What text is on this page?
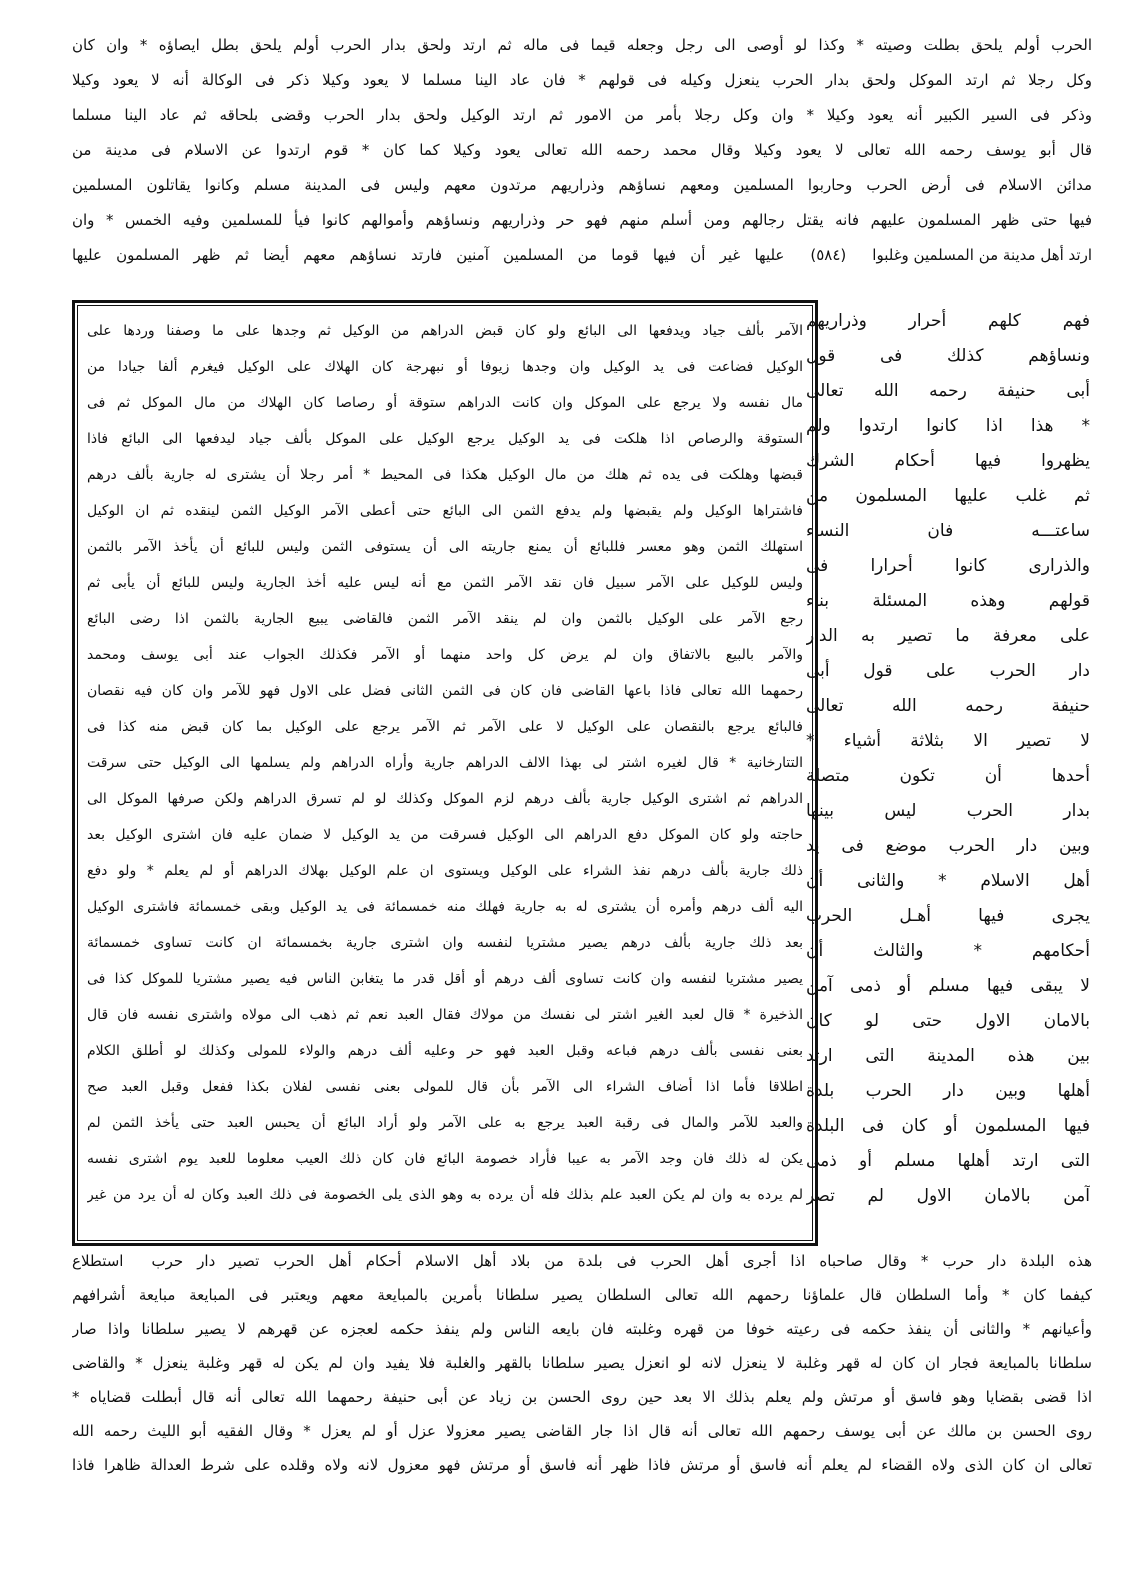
الحرب أولم يلحق بطلت وصيته * وكذا لو أوصى الى رجل وجعله قيما فى ماله ثم ارتد ولحق بدار الحرب أولم يلحق بطل ايصاؤه * وان كان
وكل رجلا ثم ارتد الموكل ولحق بدار الحرب ينعزل وكيله فى قولهم * فان عاد الينا مسلما لا يعود وكيلا ذكر فى الوكالة أنه لا يعود وكيلا
وذكر فى السير الكبير أنه يعود وكيلا * وان وكل رجلا بأمر من الامور ثم ارتد الوكيل ولحق بدار الحرب وقضى بلحاقه ثم عاد الينا مسلما
قال أبو يوسف رحمه الله تعالى لا يعود وكيلا وقال محمد رحمه الله تعالى يعود وكيلا كما كان * قوم ارتدوا عن الاسلام فى مدينة من
مدائن الاسلام فى أرض الحرب وحاربوا المسلمين ومعهم نساؤهم وذراريهم مرتدون معهم وليس فى المدينة مسلم وكانوا يقاتلون المسلمين
فيها حتى ظهر المسلمون عليهم فانه يقتل رجالهم ومن أسلم منهم فهو حر وذراريهم ونساؤهم وأموالهم كانوا فيأ للمسلمين وفيه الخمس * وان
ارتد أهل مدينة من المسلمين وغلبوا
(٥٨٤)
عليها غير أن فيها قوما من المسلمين آمنين فارتد نساؤهم معهم أيضا ثم ظهر المسلمون عليها
الآمر بألف جياد ويدفعها الى البائع ولو كان قبض الدراهم من الوكيل ثم وجدها على ما وصفنا وردها على
الوكيل فضاعت فى يد الوكيل وان وجدها زيوفا أو نبهرجة كان الهلاك على الوكيل فيغرم ألفا جيادا من
مال نفسه ولا يرجع على الموكل وان كانت الدراهم ستوقة أو رصاصا كان الهلاك من مال الموكل ثم فى
الستوقة والرصاص اذا هلكت فى يد الوكيل يرجع الوكيل على الموكل بألف جياد ليدفعها الى البائع فاذا
قبضها وهلكت فى يده ثم هلك من مال الوكيل هكذا فى المحيط * أمر رجلا أن يشترى له جارية بألف درهم
فاشتراها الوكيل ولم يقبضها ولم يدفع الثمن الى البائع حتى أعطى الآمر الوكيل الثمن لينقده ثم ان الوكيل
استهلك الثمن وهو معسر فللبائع أن يمنع جاريته الى أن يستوفى الثمن وليس للبائع أن يأخذ الآمر بالثمن
وليس للوكيل على الآمر سبيل فان نقد الآمر الثمن مع أنه ليس عليه أخذ الجارية وليس للبائع أن يأبى ثم
رجع الآمر على الوكيل بالثمن وان لم ينقد الآمر الثمن فالقاضى يبيع الجارية بالثمن اذا رضى البائع
والآمر بالبيع بالاتفاق وان لم يرض كل واحد منهما أو الآمر فكذلك الجواب عند أبى يوسف ومحمد
رحمهما الله تعالى فاذا باعها القاضى فان كان فى الثمن الثانى فضل على الاول فهو للآمر وان كان فيه نقصان
فالبائع يرجع بالنقصان على الوكيل لا على الآمر ثم الآمر يرجع على الوكيل بما كان قبض منه كذا فى
التتارخانية * قال لغيره اشتر لى بهذا الالف الدراهم جارية وأراه الدراهم ولم يسلمها الى الوكيل حتى سرقت
الدراهم ثم اشترى الوكيل جارية بألف درهم لزم الموكل وكذلك لو لم تسرق الدراهم ولكن صرفها الموكل الى
حاجته ولو كان الموكل دفع الدراهم الى الوكيل فسرقت من يد الوكيل لا ضمان عليه فان اشترى الوكيل بعد
ذلك جارية بألف درهم نفذ الشراء على الوكيل ويستوى ان علم الوكيل بهلاك الدراهم أو لم يعلم * ولو دفع
اليه ألف درهم وأمره أن يشترى له به جارية فهلك منه خمسمائة فى يد الوكيل وبقى خمسمائة فاشترى الوكيل
بعد ذلك جارية بألف درهم يصير مشتريا لنفسه وان اشترى جارية بخمسمائة ان كانت تساوى خمسمائة
يصير مشتريا لنفسه وان كانت تساوى ألف درهم أو أقل قدر ما يتغابن الناس فيه يصير مشتريا للموكل كذا فى
الذخيرة * قال لعبد الغير اشتر لى نفسك من مولاك فقال العبد نعم ثم ذهب الى مولاه واشترى نفسه فان قال
بعنى نفسى بألف درهم فباعه وقبل العبد فهو حر وعليه ألف درهم والولاء للمولى وكذلك لو أطلق الكلام
اطلاقا فأما اذا أضاف الشراء الى الآمر بأن قال للمولى بعنى نفسى لفلان بكذا ففعل وقبل العبد صح
والعبد للآمر والمال فى رقبة العبد يرجع به على الآمر ولو أراد البائع أن يحبس العبد حتى يأخذ الثمن لم
يكن له ذلك فان وجد الآمر به عيبا فأراد خصومة البائع فان كان ذلك العيب معلوما للعبد يوم اشترى نفسه
لم يرده به وان لم يكن العبد علم بذلك فله أن يرده به وهو الذى يلى الخصومة فى ذلك العبد وكان له أن يرد من غير
فهم كلهم أحرار وذراريهم
ونساؤهم كذلك فى قول
أبى حنيفة رحمه الله تعالى
* هذا اذا كانوا ارتدوا ولم
يظهروا فيها أحكام الشرك
ثم غلب عليها المسلمون من
ساعتـــه فان النساء
والذرارى كانوا أحرارا فى
قولهم وهذه المسئلة بناء
على معرفة ما تصير به الدار
دار الحرب على قول أبى
حنيفة رحمه الله تعالى
لا تصير الا بثلاثة أشياء *
أحدها أن تكون متصلة
بدار الحرب ليس بينها
وبين دار الحرب موضع فى يد
أهل الاسلام * والثانى أن
يجرى فيها أهـل الحرب
أحكامهم * والثالث أن
لا يبقى فيها مسلم أو ذمى آمن
بالامان الاول حتى لو كان
بين هذه المدينة التى ارتد
أهلها وبين دار الحرب بلدة
فيها المسلمون أو كان فى البلدة
التى ارتد أهلها مسلم أو ذمى
آمن بالامان الاول لم تصر
هذه البلدة دار حرب * وقال صاحباه اذا أجرى أهل الحرب فى بلدة من بلاد أهل الاسلام أحكام أهل الحرب تصير دار حرب
استطلاع
كيفما كان * وأما السلطان قال علماؤنا رحمهم الله تعالى السلطان يصير سلطانا بأمرين بالمبايعة معهم ويعتبر فى المبايعة مبايعة أشرافهم
وأعيانهم * والثانى أن ينفذ حكمه فى رعيته خوفا من قهره وغلبته فان بايعه الناس ولم ينفذ حكمه لعجزه عن قهرهم لا يصير سلطانا واذا صار
سلطانا بالمبايعة فجار ان كان له قهر وغلبة لا ينعزل لانه لو انعزل يصير سلطانا بالقهر والغلبة فلا يفيد وان لم يكن له قهر وغلبة ينعزل * والقاضى
اذا قضى بقضايا وهو فاسق أو مرتش ولم يعلم بذلك الا بعد حين روى الحسن بن زياد عن أبى حنيفة رحمهما الله تعالى أنه قال أبطلت قضاياه *
روى الحسن بن مالك عن أبى يوسف رحمهم الله تعالى أنه قال اذا جار القاضى يصير معزولا عزل أو لم يعزل * وقال الفقيه أبو الليث رحمه الله
تعالى ان كان الذى ولاه القضاء لم يعلم أنه فاسق أو مرتش فاذا ظهر أنه فاسق أو مرتش فهو معزول لانه ولاه وقلده على شرط العدالة ظاهرا فاذا
